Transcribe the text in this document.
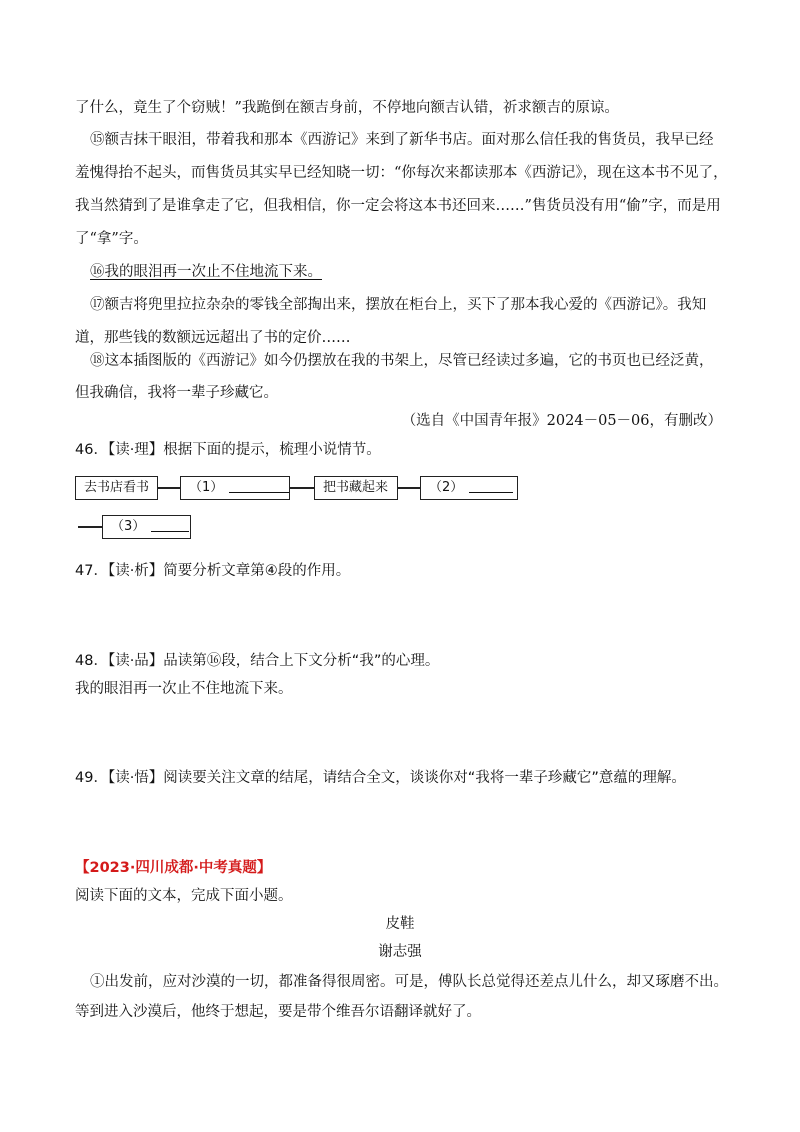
了什么，竟生了个窃贼！”我跪倒在额吉身前，不停地向额吉认错，祈求额吉的原谅。
⑮额吉抹干眼泪，带着我和那本《西游记》来到了新华书店。面对那么信任我的售货员，我早已经
羞愧得抬不起头，而售货员其实早已经知晓一切：“你每次来都读那本《西游记》，现在这本书不见了，
我当然猜到了是谁拿走了它，但我相信，你一定会将这本书还回来……”售货员没有用“偷”字，而是用
了“拿”字。
⑯我的眼泪再一次止不住地流下来。
⑰额吉将兜里拉拉杂杂的零钱全部掏出来，摆放在柜台上，买下了那本我心爱的《西游记》。我知
道，那些钱的数额远远超出了书的定价……
⑱这本插图版的《西游记》如今仍摆放在我的书架上，尽管已经读过多遍，它的书页也已经泛黄，
但我确信，我将一辈子珍藏它。
（选自《中国青年报》2024－05－06，有删改）
46．【读·理】根据下面的提示，梳理小说情节。
去书店看书	（1）	把书藏起来	（2）
（3）
47．【读·析】简要分析文章第④段的作用。
48．【读·品】品读第⑯段，结合上下文分析“我”的心理。
我的眼泪再一次止不住地流下来。
49．【读·悟】阅读要关注文章的结尾，请结合全文，谈谈你对“我将一辈子珍藏它”意蕴的理解。
【2023·四川成都·中考真题】
阅读下面的文本，完成下面小题。
皮鞋
谢志强
①出发前，应对沙漠的一切，都准备得很周密。可是，傅队长总觉得还差点儿什么，却又琢磨不出。
等到进入沙漠后，他终于想起，要是带个维吾尔语翻译就好了。
